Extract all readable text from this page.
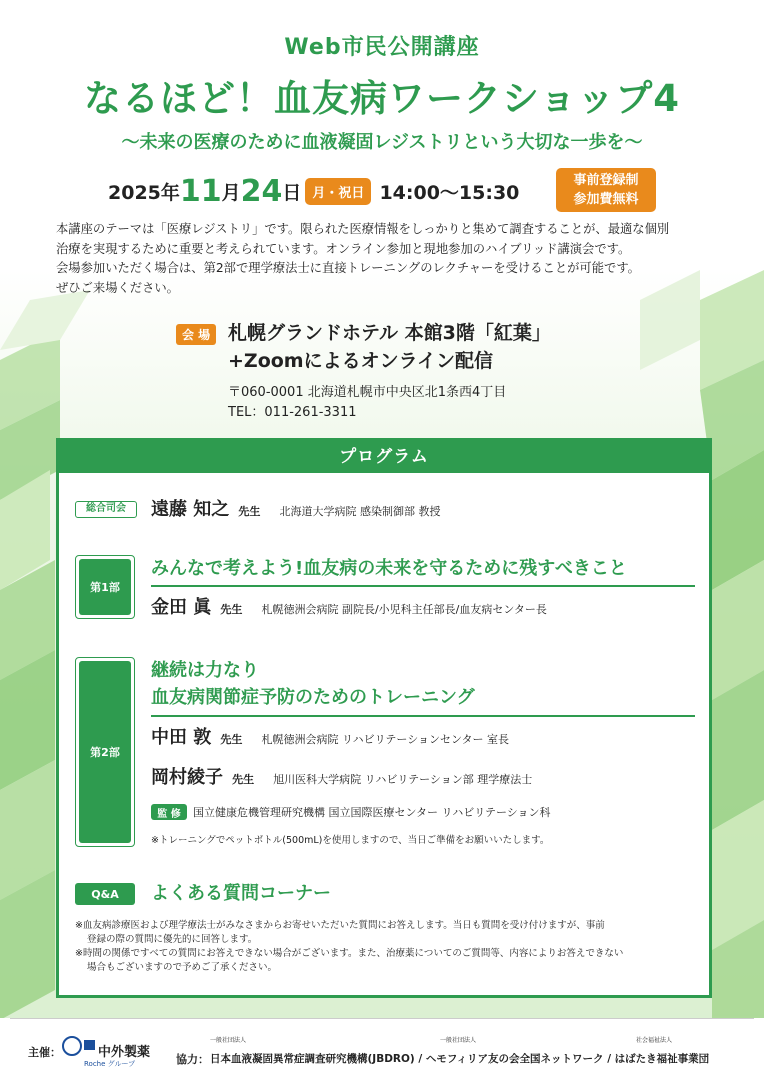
Web市民公開講座
なるほど！血友病ワークショップ4
〜未来の医療のために血液凝固レジストリという大切な一歩を〜
2025年 11 月 24 日 月・祝日 14:00〜15:30
事前登録制
参加費無料
本講座のテーマは「医療レジストリ」です。限られた医療情報をしっかりと集めて調査することが、最適な個別
治療を実現するために重要と考えられています。オンライン参加と現地参加のハイブリッド講演会です。
会場参加いただく場合は、第2部で理学療法士に直接トレーニングのレクチャーを受けることが可能です。
ぜひご来場ください。
会 場 札幌グランドホテル 本館3階「紅葉」
+Zoomによるオンライン配信
〒060-0001 北海道札幌市中央区北1条西4丁目
TEL：011-261-3311
プログラム
総合司会	遠藤 知之 先生 北海道大学病院 感染制御部 教授
第1部
みんなで考えよう!血友病の未来を守るために残すべきこと
金田 眞 先生 札幌徳洲会病院 副院長/小児科主任部長/血友病センター長
第2部
継続は力なり
血友病関節症予防のためのトレーニング
中田 敦 先生 札幌徳洲会病院 リハビリテーションセンター 室長
岡村綾子 先生 旭川医科大学病院 リハビリテーション部 理学療法士
監 修	国立健康危機管理研究機構 国立国際医療センター リハビリテーション科
※トレーニングでペットボトル(500mL)を使用しますので、当日ご準備をお願いいたします。
Q&A	よくある質問コーナー
※血友病診療医および理学療法士がみなさまからお寄せいただいた質問にお答えします。当日も質問を受け付けますが、事前
登録の際の質問に優先的に回答します。
※時間の関係ですべての質問にお答えできない場合がございます。また、治療薬についてのご質問等、内容によりお答えできない
場合もございますので予めご了承ください。
主催：	中外製薬
Roche グループ
一般社団法人	一般社団法人	社会福祉法人
協力： 日本血液凝固異常症調査研究機構(JBDRO) / ヘモフィリア友の会全国ネットワーク / はばたき福祉事業団
